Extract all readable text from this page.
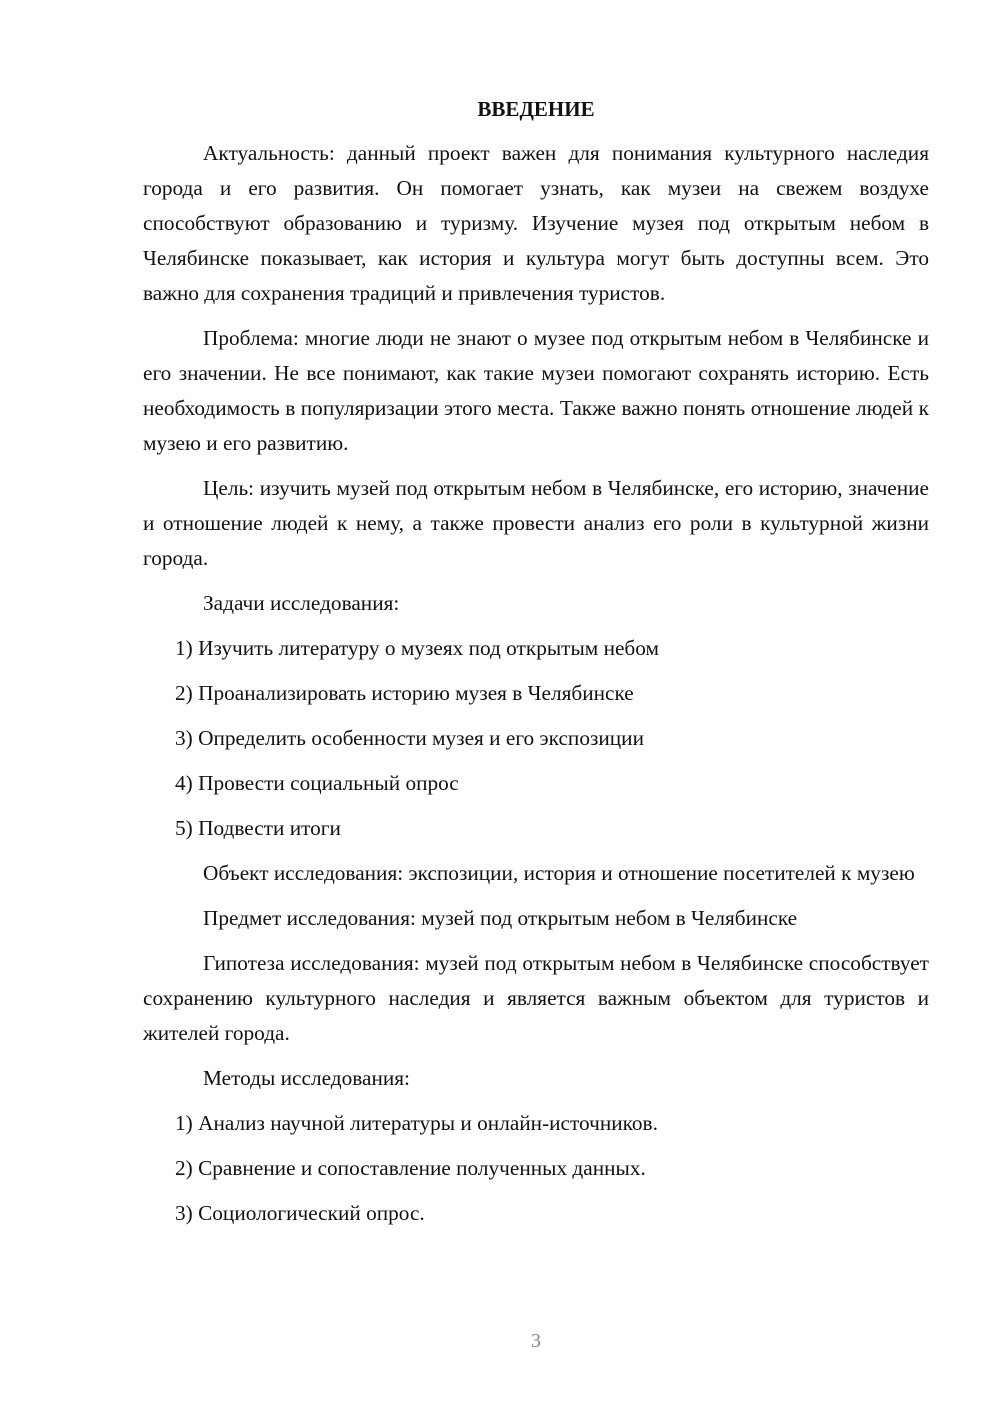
ВВЕДЕНИЕ

Актуальность: данный проект важен для понимания культурного наследия города и его развития. Он помогает узнать, как музеи на свежем воздухе способствуют образованию и туризму. Изучение музея под открытым небом в Челябинске показывает, как история и культура могут быть доступны всем. Это важно для сохранения традиций и привлечения туристов.

Проблема: многие люди не знают о музее под открытым небом в Челябинске и его значении. Не все понимают, как такие музеи помогают сохранять историю. Есть необходимость в популяризации этого места. Также важно понять отношение людей к музею и его развитию.

Цель: изучить музей под открытым небом в Челябинске, его историю, значение и отношение людей к нему, а также провести анализ его роли в культурной жизни города.

Задачи исследования:

1) Изучить литературу о музеях под открытым небом

2) Проанализировать историю музея в Челябинске

3) Определить особенности музея и его экспозиции

4) Провести социальный опрос

5) Подвести итоги

Объект исследования: экспозиции, история и отношение посетителей к музею

Предмет исследования: музей под открытым небом в Челябинске

Гипотеза исследования: музей под открытым небом в Челябинске способствует сохранению культурного наследия и является важным объектом для туристов и жителей города.

Методы исследования:

1) Анализ научной литературы и онлайн-источников.

2) Сравнение и сопоставление полученных данных.

3) Социологический опрос.

3
